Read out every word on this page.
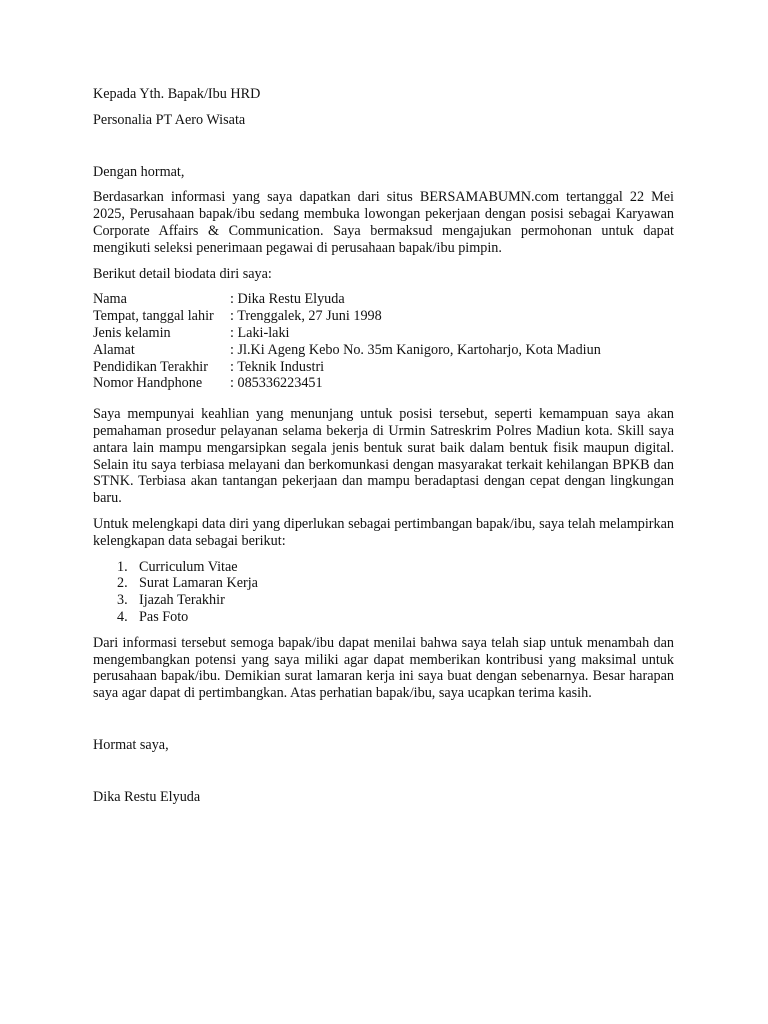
Kepada Yth. Bapak/Ibu HRD

Personalia PT Aero Wisata

Dengan hormat,

Berdasarkan informasi yang saya dapatkan dari situs BERSAMABUMN.com tertanggal 22 Mei 2025, Perusahaan bapak/ibu sedang membuka lowongan pekerjaan dengan posisi sebagai Karyawan Corporate Affairs & Communication. Saya bermaksud mengajukan permohonan untuk dapat mengikuti seleksi penerimaan pegawai di perusahaan bapak/ibu pimpin.

Berikut detail biodata diri saya:

Nama	: Dika Restu Elyuda
Tempat, tanggal lahir	: Trenggalek, 27 Juni 1998
Jenis kelamin	: Laki-laki
Alamat	: Jl.Ki Ageng Kebo No. 35m Kanigoro, Kartoharjo, Kota Madiun
Pendidikan Terakhir	: Teknik Industri
Nomor Handphone	: 085336223451

Saya mempunyai keahlian yang menunjang untuk posisi tersebut, seperti kemampuan saya akan pemahaman prosedur pelayanan selama bekerja di Urmin Satreskrim Polres Madiun kota. Skill saya antara lain mampu mengarsipkan segala jenis bentuk surat baik dalam bentuk fisik maupun digital. Selain itu saya terbiasa melayani dan berkomunkasi dengan masyarakat terkait kehilangan BPKB dan STNK. Terbiasa akan tantangan pekerjaan dan mampu beradaptasi dengan cepat dengan lingkungan baru.

Untuk melengkapi data diri yang diperlukan sebagai pertimbangan bapak/ibu, saya telah melampirkan kelengkapan data sebagai berikut:

1. Curriculum Vitae
2. Surat Lamaran Kerja
3. Ijazah Terakhir
4. Pas Foto

Dari informasi tersebut semoga bapak/ibu dapat menilai bahwa saya telah siap untuk menambah dan mengembangkan potensi yang saya miliki agar dapat memberikan kontribusi yang maksimal untuk perusahaan bapak/ibu. Demikian surat lamaran kerja ini saya buat dengan sebenarnya. Besar harapan saya agar dapat di pertimbangkan. Atas perhatian bapak/ibu, saya ucapkan terima kasih.

Hormat saya,

Dika Restu Elyuda
